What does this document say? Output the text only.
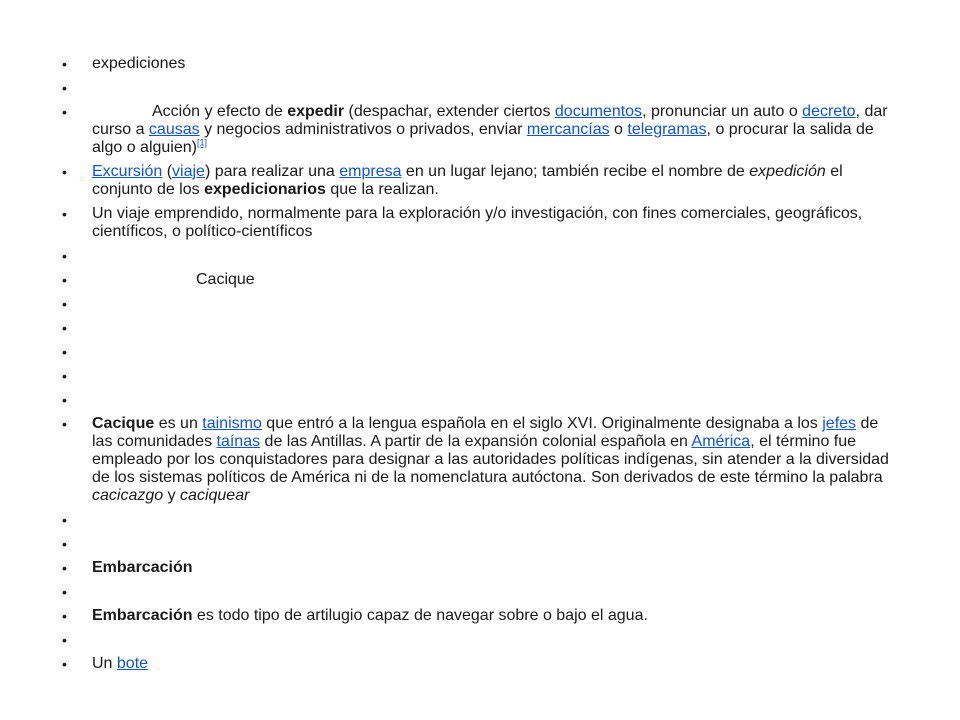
• expediciones
•
• Acción y efecto de expedir (despachar, extender ciertos documentos, pronunciar un auto o decreto, dar curso a causas y negocios administrativos o privados, enviar mercancías o telegramas, o procurar la salida de algo o alguien)[1]
• Excursión (viaje) para realizar una empresa en un lugar lejano; también recibe el nombre de expedición el conjunto de los expedicionarios que la realizan.
• Un viaje emprendido, normalmente para la exploración y/o investigación, con fines comerciales, geográficos, científicos, o político-científicos
•
• Cacique
•
•
•
•
•
• Cacique es un tainismo que entró a la lengua española en el siglo XVI. Originalmente designaba a los jefes de las comunidades taínas de las Antillas. A partir de la expansión colonial española en América, el término fue empleado por los conquistadores para designar a las autoridades políticas indígenas, sin atender a la diversidad de los sistemas políticos de América ni de la nomenclatura autóctona. Son derivados de este término la palabra cacicazgo y caciquear
•
•
• Embarcación
•
• Embarcación es todo tipo de artilugio capaz de navegar sobre o bajo el agua.
•
• Un bote
